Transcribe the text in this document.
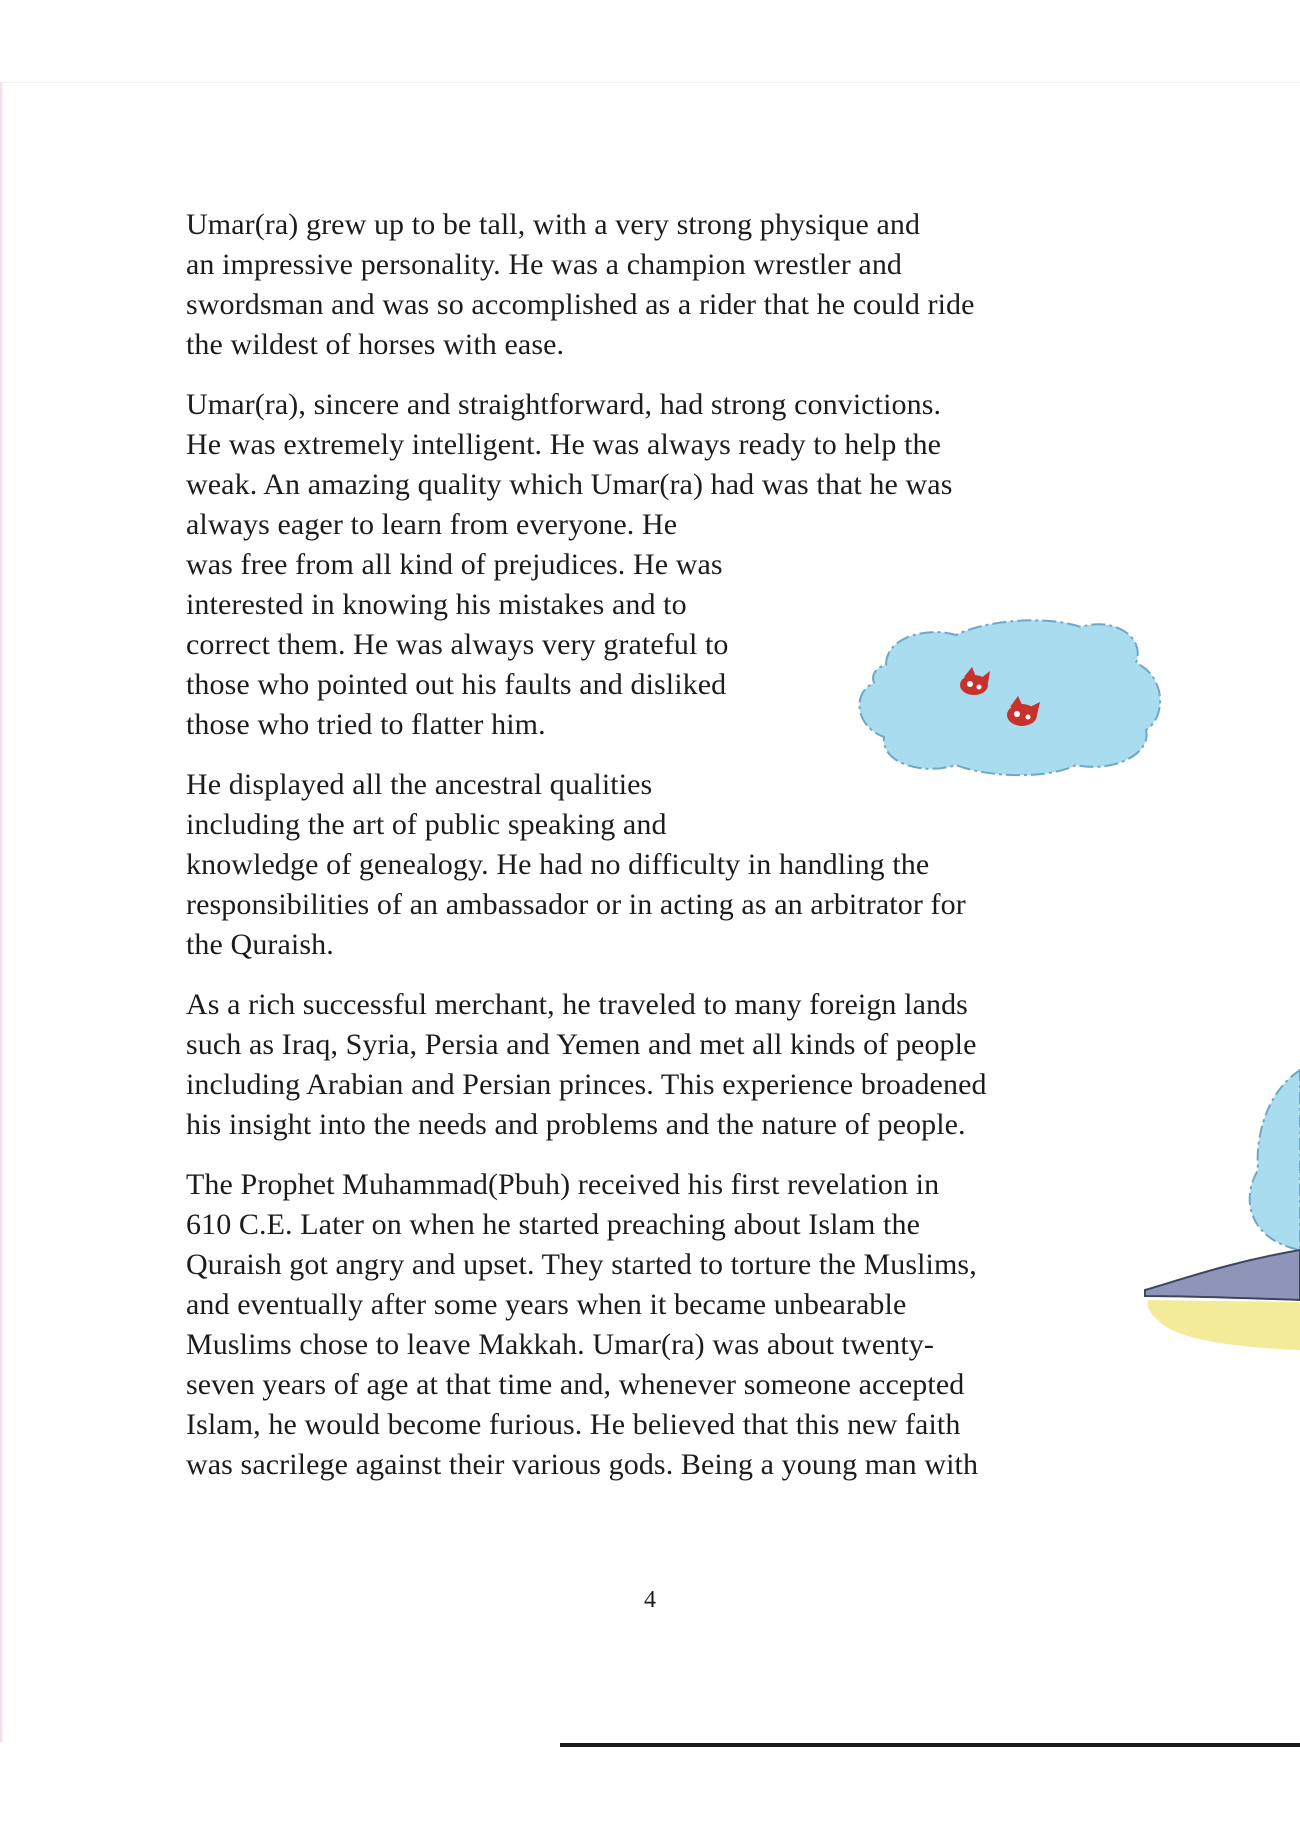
Umar(ra) grew up to be tall, with a very strong physique and
an impressive personality. He was a champion wrestler and
swordsman and was so accomplished as a rider that he could ride
the wildest of horses with ease.

Umar(ra), sincere and straightforward, had strong convictions.
He was extremely intelligent. He was always ready to help the
weak. An amazing quality which Umar(ra) had was that he was
always eager to learn from everyone. He
was free from all kind of prejudices. He was
interested in knowing his mistakes and to
correct them. He was always very grateful to
those who pointed out his faults and disliked
those who tried to flatter him.

He displayed all the ancestral qualities
including the art of public speaking and
knowledge of genealogy. He had no difficulty in handling the
responsibilities of an ambassador or in acting as an arbitrator for
the Quraish.

As a rich successful merchant, he traveled to many foreign lands
such as Iraq, Syria, Persia and Yemen and met all kinds of people
including Arabian and Persian princes. This experience broadened
his insight into the needs and problems and the nature of people.

The Prophet Muhammad(Pbuh) received his first revelation in
610 C.E. Later on when he started preaching about Islam the
Quraish got angry and upset. They started to torture the Muslims,
and eventually after some years when it became unbearable
Muslims chose to leave Makkah. Umar(ra) was about twenty-
seven years of age at that time and, whenever someone accepted
Islam, he would become furious. He believed that this new faith
was sacrilege against their various gods. Being a young man with

4
